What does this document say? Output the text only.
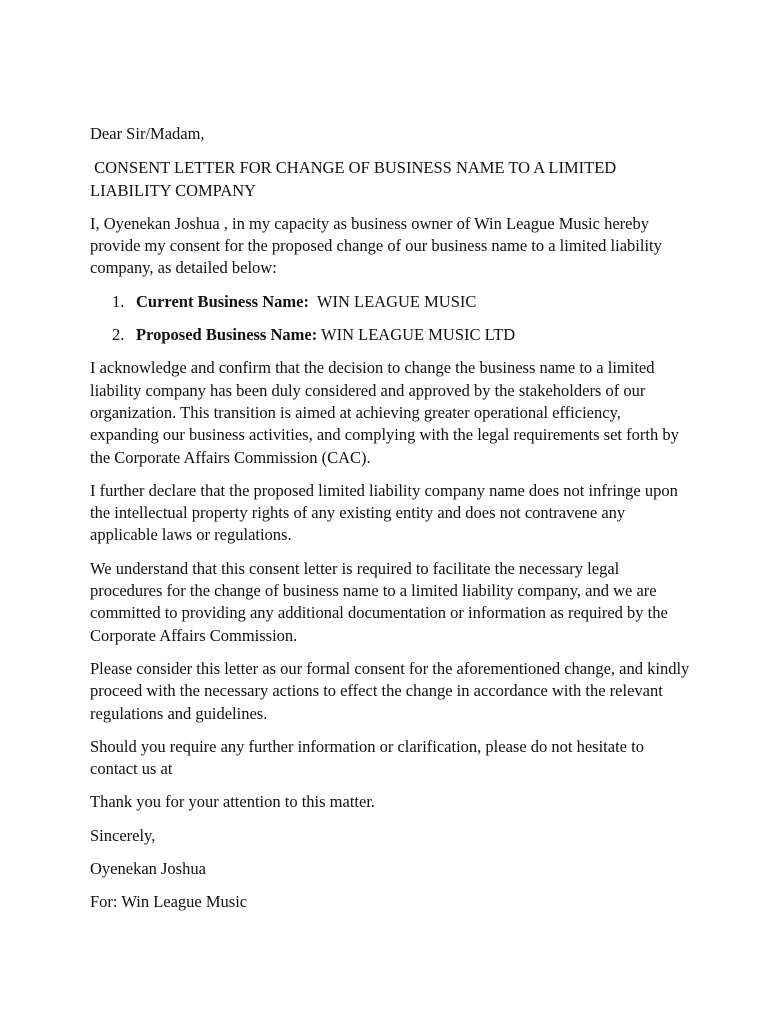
Dear Sir/Madam,

CONSENT LETTER FOR CHANGE OF BUSINESS NAME TO A LIMITED LIABILITY COMPANY

I, Oyenekan Joshua , in my capacity as business owner of Win League Music hereby provide my consent for the proposed change of our business name to a limited liability company, as detailed below:

1. Current Business Name:  WIN LEAGUE MUSIC
2. Proposed Business Name: WIN LEAGUE MUSIC LTD

I acknowledge and confirm that the decision to change the business name to a limited liability company has been duly considered and approved by the stakeholders of our organization. This transition is aimed at achieving greater operational efficiency, expanding our business activities, and complying with the legal requirements set forth by the Corporate Affairs Commission (CAC).

I further declare that the proposed limited liability company name does not infringe upon the intellectual property rights of any existing entity and does not contravene any applicable laws or regulations.

We understand that this consent letter is required to facilitate the necessary legal procedures for the change of business name to a limited liability company, and we are committed to providing any additional documentation or information as required by the Corporate Affairs Commission.

Please consider this letter as our formal consent for the aforementioned change, and kindly proceed with the necessary actions to effect the change in accordance with the relevant regulations and guidelines.

Should you require any further information or clarification, please do not hesitate to contact us at

Thank you for your attention to this matter.

Sincerely,

Oyenekan Joshua

For: Win League Music
